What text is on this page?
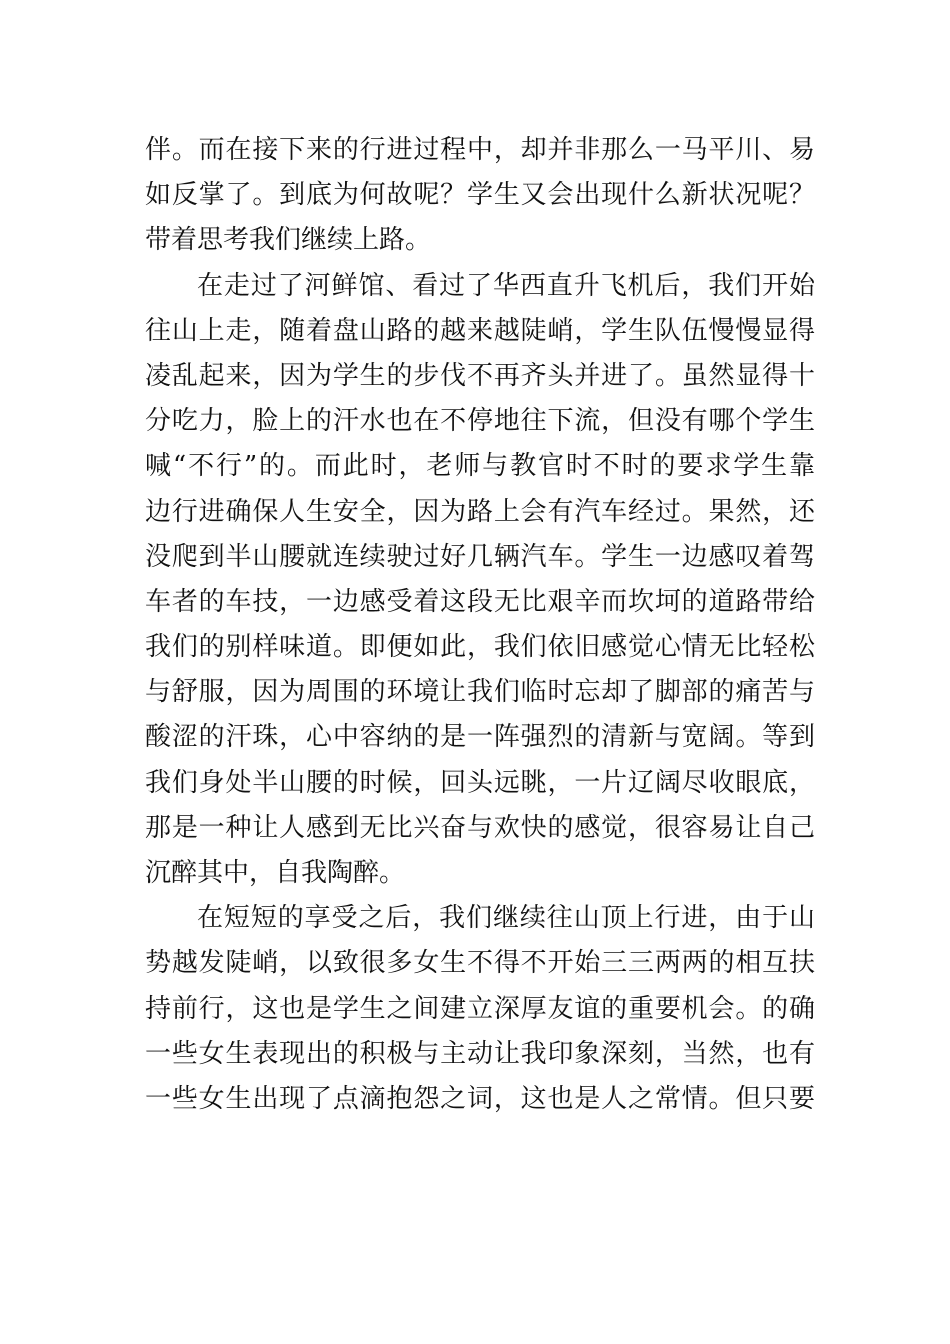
伴。而在接下来的行进过程中，却并非那么一马平川、易
如反掌了。到底为何故呢？学生又会出现什么新状况呢？
带着思考我们继续上路。
在走过了河鲜馆、看过了华西直升飞机后，我们开始
往山上走，随着盘山路的越来越陡峭，学生队伍慢慢显得
凌乱起来，因为学生的步伐不再齐头并进了。虽然显得十
分吃力，脸上的汗水也在不停地往下流，但没有哪个学生
喊“不行”的。而此时，老师与教官时不时的要求学生靠
边行进确保人生安全，因为路上会有汽车经过。果然，还
没爬到半山腰就连续驶过好几辆汽车。学生一边感叹着驾
车者的车技，一边感受着这段无比艰辛而坎坷的道路带给
我们的别样味道。即便如此，我们依旧感觉心情无比轻松
与舒服，因为周围的环境让我们临时忘却了脚部的痛苦与
酸涩的汗珠，心中容纳的是一阵强烈的清新与宽阔。等到
我们身处半山腰的时候，回头远眺，一片辽阔尽收眼底，
那是一种让人感到无比兴奋与欢快的感觉，很容易让自己
沉醉其中，自我陶醉。
在短短的享受之后，我们继续往山顶上行进，由于山
势越发陡峭，以致很多女生不得不开始三三两两的相互扶
持前行，这也是学生之间建立深厚友谊的重要机会。的确
一些女生表现出的积极与主动让我印象深刻，当然，也有
一些女生出现了点滴抱怨之词，这也是人之常情。但只要
